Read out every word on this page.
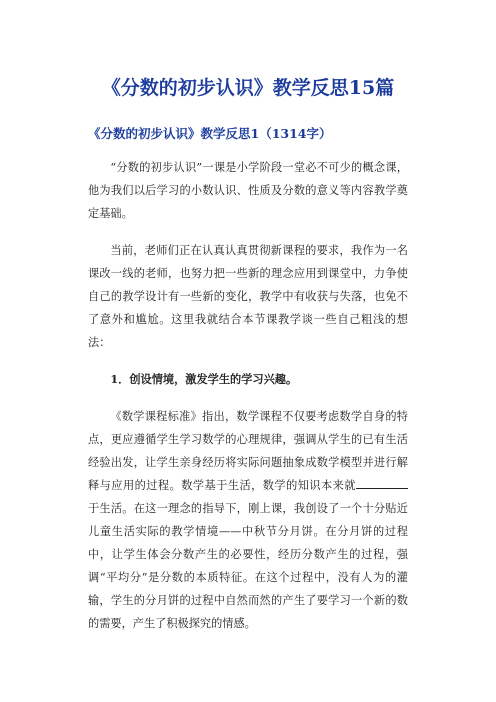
《分数的初步认识》教学反思15篇
《分数的初步认识》教学反思1（1314字）

“分数的初步认识”一课是小学阶段一堂必不可少的概念课，他为我们以后学习的小数认识、性质及分数的意义等内容教学奠定基础。

当前，老师们正在认真认真贯彻新课程的要求，我作为一名课改一线的老师，也努力把一些新的理念应用到课堂中，力争使自己的教学设计有一些新的变化，教学中有收获与失落，也免不了意外和尴尬。这里我就结合本节课教学谈一些自己粗浅的想法：

1．创设情境，激发学生的学习兴趣。

《数学课程标准》指出，数学课程不仅要考虑数学自身的特点，更应遵循学生学习数学的心理规律，强调从学生的已有生活经验出发，让学生亲身经历将实际问题抽象成数学模型并进行解释与应用的过程。数学基于生活，数学的知识本来就于生活。在这一理念的指导下，刚上课，我创设了一个十分贴近儿童生活实际的教学情境——中秋节分月饼。在分月饼的过程中，让学生体会分数产生的必要性，经历分数产生的过程，强调“平均分”是分数的本质特征。在这个过程中，没有人为的灌输，学生的分月饼的过程中自然而然的产生了要学习一个新的数的需要，产生了积极探究的情感。
